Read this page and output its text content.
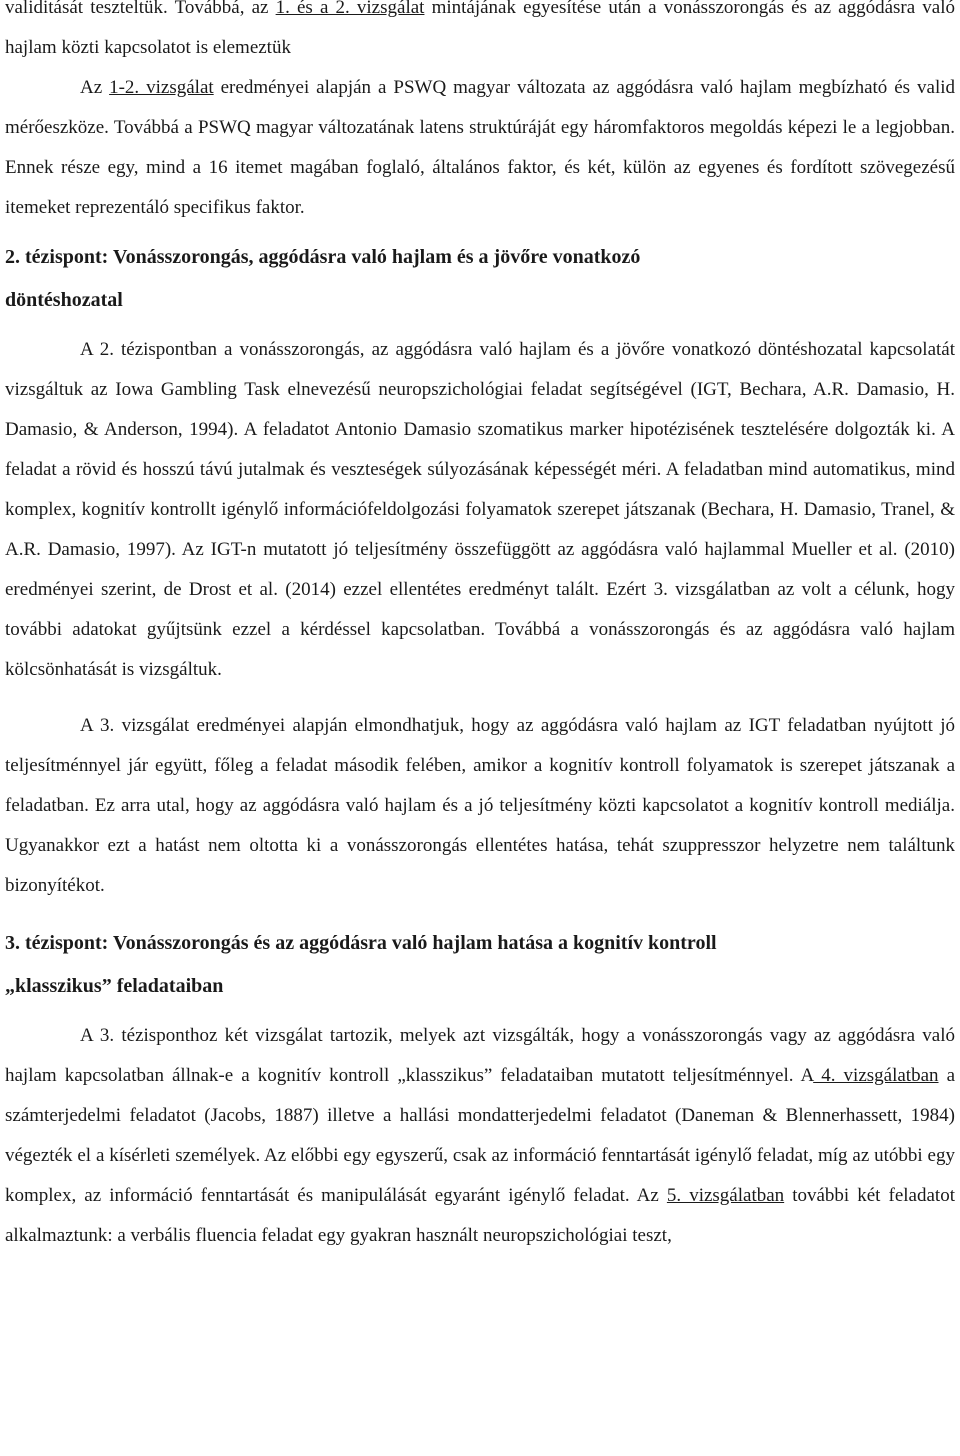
validitását teszteltük. Továbbá, az 1. és a 2. vizsgálat mintájának egyesítése után a vonásszorongás és az aggódásra való hajlam közti kapcsolatot is elemeztük

Az 1-2. vizsgálat eredményei alapján a PSWQ magyar változata az aggódásra való hajlam megbízható és valid mérőeszköze. Továbbá a PSWQ magyar változatának latens struktúráját egy háromfaktoros megoldás képezi le a legjobban. Ennek része egy, mind a 16 itemet magában foglaló, általános faktor, és két, külön az egyenes és fordított szövegezésű itemeket reprezentáló specifikus faktor.

2. tézispont: Vonásszorongás, aggódásra való hajlam és a jövőre vonatkozó
döntéshozatal

A 2. tézispontban a vonásszorongás, az aggódásra való hajlam és a jövőre vonatkozó döntéshozatal kapcsolatát vizsgáltuk az Iowa Gambling Task elnevezésű neuropszichológiai feladat segítségével (IGT, Bechara, A.R. Damasio, H. Damasio, & Anderson, 1994). A feladatot Antonio Damasio szomatikus marker hipotézisének tesztelésére dolgozták ki. A feladat a rövid és hosszú távú jutalmak és veszteségek súlyozásának képességét méri. A feladatban mind automatikus, mind komplex, kognitív kontrollt igénylő információfeldolgozási folyamatok szerepet játszanak (Bechara, H. Damasio, Tranel, & A.R. Damasio, 1997). Az IGT-n mutatott jó teljesítmény összefüggött az aggódásra való hajlammal Mueller et al. (2010) eredményei szerint, de Drost et al. (2014) ezzel ellentétes eredményt talált. Ezért 3. vizsgálatban az volt a célunk, hogy további adatokat gyűjtsünk ezzel a kérdéssel kapcsolatban. Továbbá a vonásszorongás és az aggódásra való hajlam kölcsönhatását is vizsgáltuk.

A 3. vizsgálat eredményei alapján elmondhatjuk, hogy az aggódásra való hajlam az IGT feladatban nyújtott jó teljesítménnyel jár együtt, főleg a feladat második felében, amikor a kognitív kontroll folyamatok is szerepet játszanak a feladatban. Ez arra utal, hogy az aggódásra való hajlam és a jó teljesítmény közti kapcsolatot a kognitív kontroll mediálja. Ugyanakkor ezt a hatást nem oltotta ki a vonásszorongás ellentétes hatása, tehát szuppresszor helyzetre nem találtunk bizonyítékot.

3. tézispont: Vonásszorongás és az aggódásra való hajlam hatása a kognitív kontroll
„klasszikus” feladataiban

A 3. tézisponthoz két vizsgálat tartozik, melyek azt vizsgálták, hogy a vonásszorongás vagy az aggódásra való hajlam kapcsolatban állnak-e a kognitív kontroll „klasszikus” feladataiban mutatott teljesítménnyel. A 4. vizsgálatban a számterjedelmi feladatot (Jacobs, 1887) illetve a hallási mondatterjedelmi feladatot (Daneman & Blennerhassett, 1984) végezték el a kísérleti személyek. Az előbbi egy egyszerű, csak az információ fenntartását igénylő feladat, míg az utóbbi egy komplex, az információ fenntartását és manipulálását egyaránt igénylő feladat. Az 5. vizsgálatban további két feladatot alkalmaztunk: a verbális fluencia feladat egy gyakran használt neuropszichológiai teszt,
